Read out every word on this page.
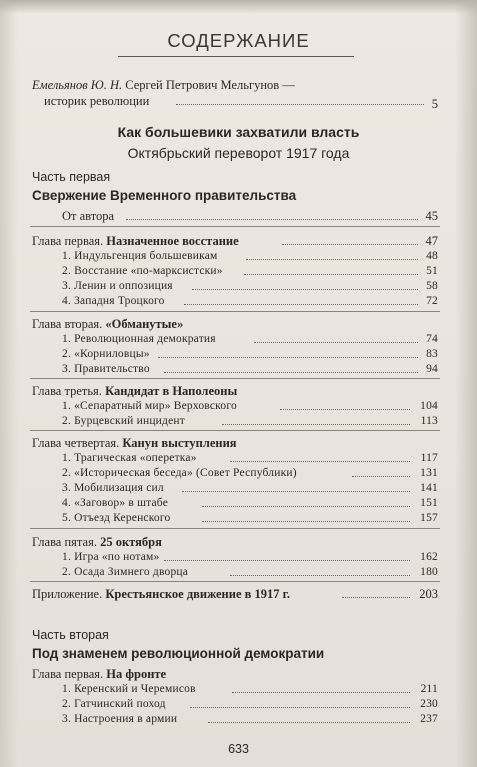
СОДЕРЖАНИЕ
Емельянов Ю. Н. Сергей Петрович Мельгунов —
историк революции	5
Как большевики захватили власть
Октябрьский переворот 1917 года
Часть первая
Свержение Временного правительства
От автора	45
Глава первая. Назначенное восстание	47
1. Индульгенция большевикам	48
2. Восстание «по-марксистски»	51
3. Ленин и оппозиция	58
4. Западня Троцкого	72
Глава вторая. «Обманутые»
1. Революционная демократия	74
2. «Корниловцы»	83
3. Правительство	94
Глава третья. Кандидат в Наполеоны
1. «Сепаратный мир» Верховского	104
2. Бурцевский инцидент	113
Глава четвертая. Канун выступления
1. Трагическая «оперетка»	117
2. «Историческая беседа» (Совет Республики)	131
3. Мобилизация сил	141
4. «Заговор» в штабе	151
5. Отъезд Керенского	157
Глава пятая. 25 октября
1. Игра «по нотам»	162
2. Осада Зимнего дворца	180
Приложение. Крестьянское движение в 1917 г.	203
Часть вторая
Под знаменем революционной демократии
Глава первая. На фронте
1. Керенский и Черемисов	211
2. Гатчинский поход	230
3. Настроения в армии	237
633
